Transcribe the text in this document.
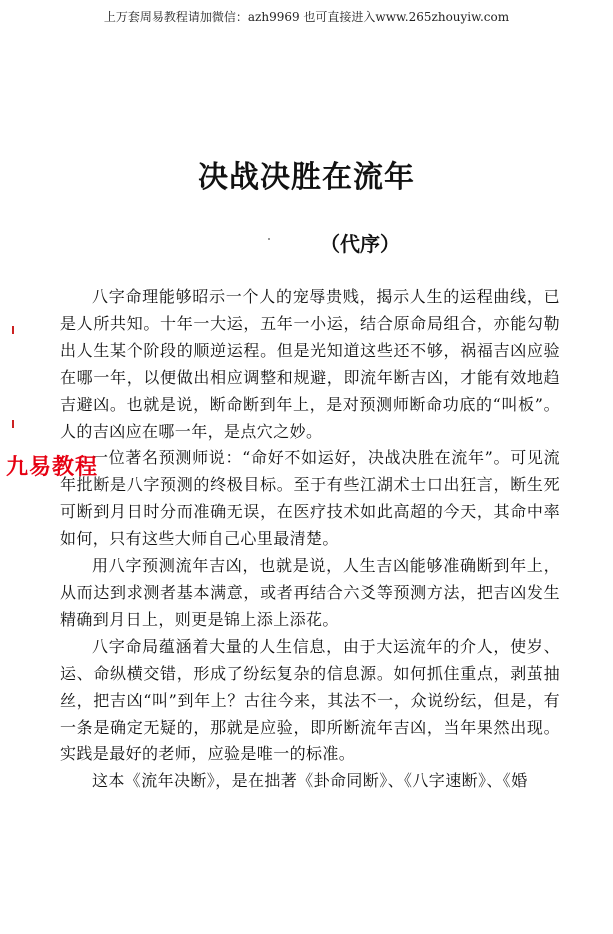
上万套周易教程请加微信：azh9969 也可直接进入www.265zhouyiw.com
决战决胜在流年
（代序）

八字命理能够昭示一个人的宠辱贵贱，揭示人生的运程曲线，已是人所共知。十年一大运，五年一小运，结合原命局组合，亦能勾勒出人生某个阶段的顺逆运程。但是光知道这些还不够，祸福吉凶应验在哪一年，以便做出相应调整和规避，即流年断吉凶，才能有效地趋吉避凶。也就是说，断命断到年上，是对预测师断命功底的“叫板”。人的吉凶应在哪一年，是点穴之妙。

一位著名预测师说：“命好不如运好，决战决胜在流年”。可见流年批断是八字预测的终极目标。至于有些江湖术士口出狂言，断生死可断到月日时分而准确无误，在医疗技术如此高超的今天，其命中率如何，只有这些大师自己心里最清楚。

用八字预测流年吉凶，也就是说，人生吉凶能够准确断到年上，从而达到求测者基本满意，或者再结合六爻等预测方法，把吉凶发生精确到月日上，则更是锦上添上添花。

八字命局蕴涵着大量的人生信息，由于大运流年的介人，使岁、运、命纵横交错，形成了纷纭复杂的信息源。如何抓住重点，剥茧抽丝，把吉凶“叫”到年上？古往今来，其法不一，众说纷纭，但是，有一条是确定无疑的，那就是应验，即所断流年吉凶，当年果然出现。实践是最好的老师，应验是唯一的标准。

这本《流年决断》，是在拙著《卦命同断》、《八字速断》、《婚

九易教程
